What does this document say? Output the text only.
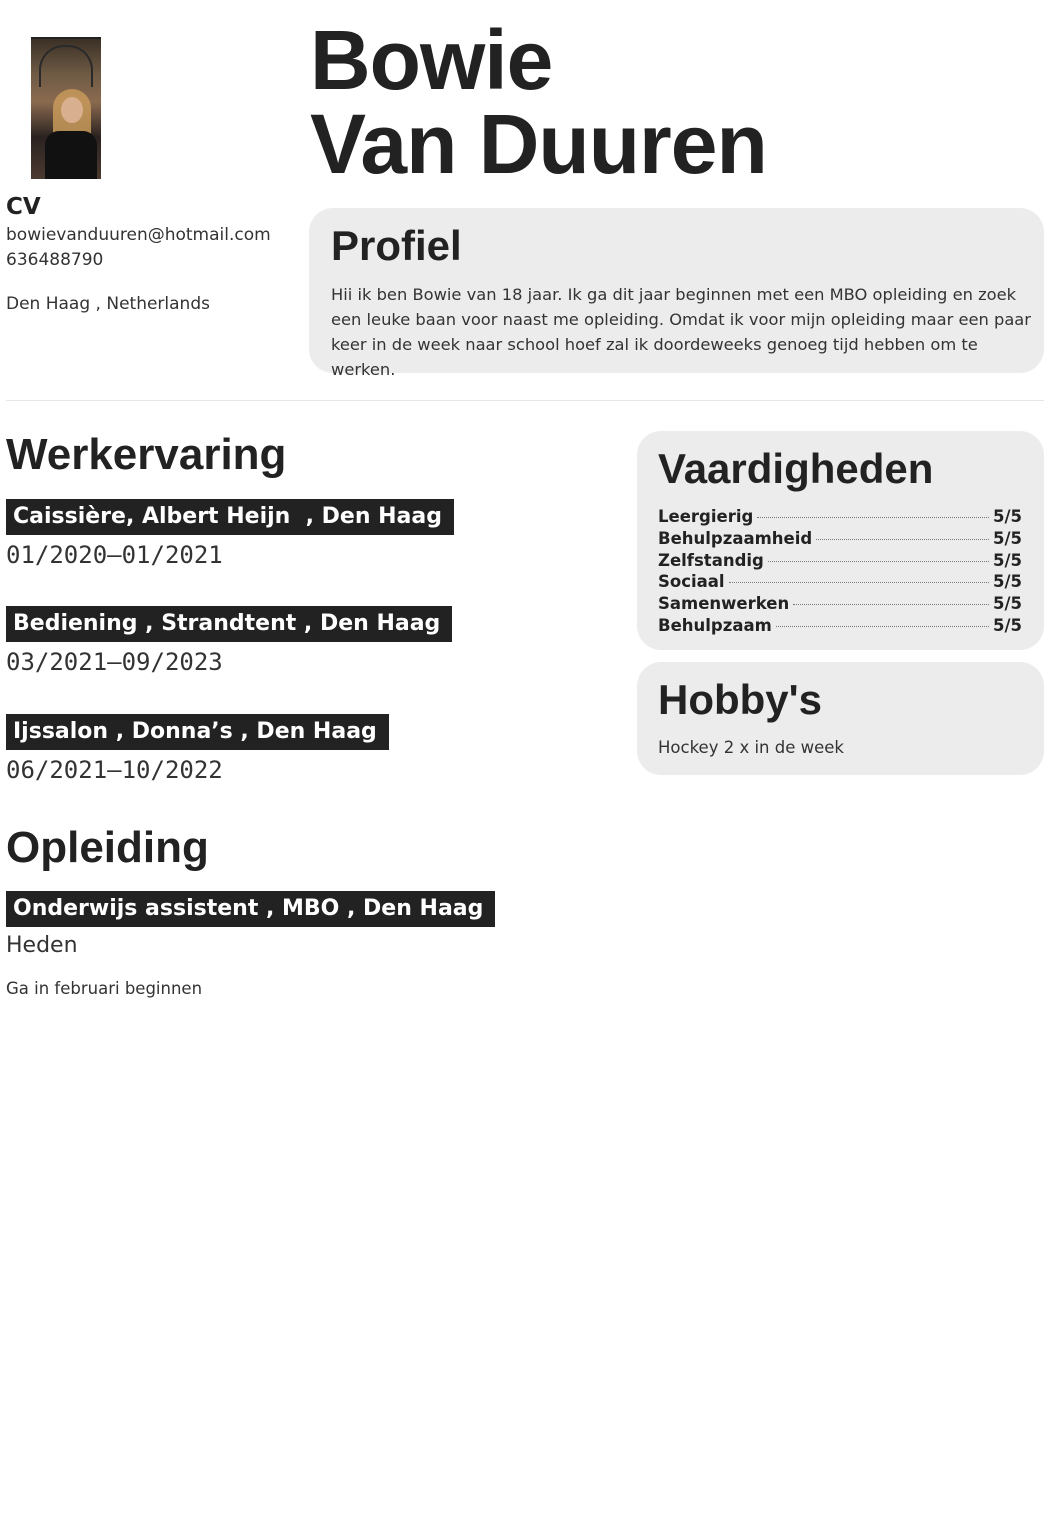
CV
bowievanduuren@hotmail.com
636488790
Den Haag , Netherlands
Bowie
Van Duuren
Profiel
Hii ik ben Bowie van 18 jaar. Ik ga dit jaar beginnen met een MBO opleiding en zoek een leuke baan voor naast me opleiding. Omdat ik voor mijn opleiding maar een paar keer in de week naar school hoef zal ik doordeweeks genoeg tijd hebben om te werken.
Werkervaring
Caissière, Albert Heijn  , Den Haag
01/2020–01/2021
Bediening , Strandtent , Den Haag
03/2021–09/2023
Ijssalon , Donna’s , Den Haag
06/2021–10/2022
Opleiding
Onderwijs assistent , MBO , Den Haag
Heden
Ga in februari beginnen
Vaardigheden
Leergierig	5/5
Behulpzaamheid	5/5
Zelfstandig	5/5
Sociaal	5/5
Samenwerken	5/5
Behulpzaam	5/5
Hobby's
Hockey 2 x in de week
